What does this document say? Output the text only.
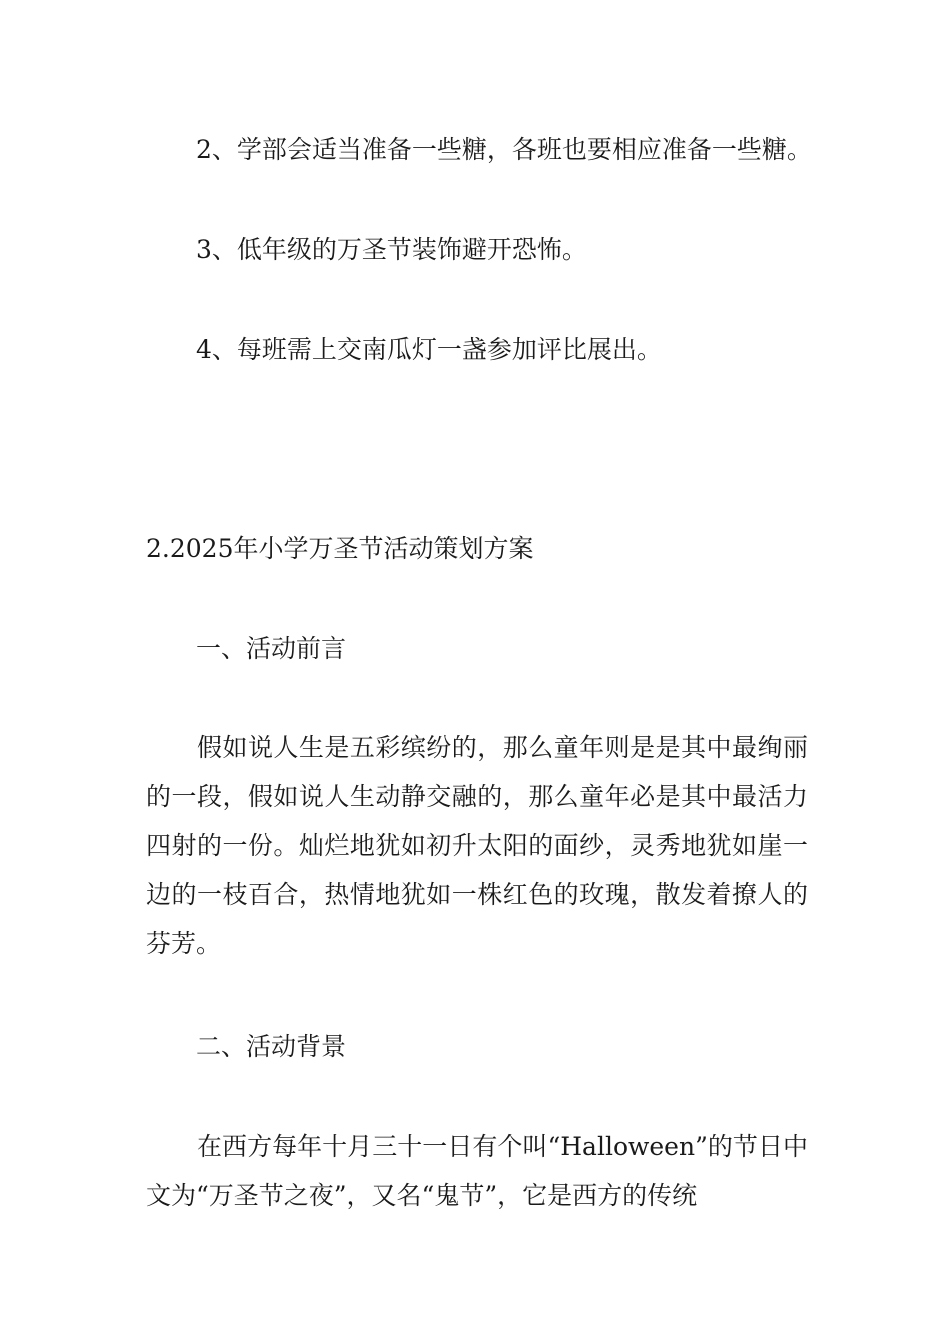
2、学部会适当准备一些糖，各班也要相应准备一些糖。
3、低年级的万圣节装饰避开恐怖。
4、每班需上交南瓜灯一盏参加评比展出。
2.2025年小学万圣节活动策划方案
一、活动前言

假如说人生是五彩缤纷的，那么童年则是是其中最绚丽的一段，假如说人生动静交融的，那么童年必是其中最活力四射的一份。灿烂地犹如初升太阳的面纱，灵秀地犹如崖一边的一枝百合，热情地犹如一株红色的玫瑰，散发着撩人的芬芳。

二、活动背景

在西方每年十月三十一日有个叫“Halloween”的节日中文为“万圣节之夜”，又名“鬼节”，它是西方的传统
